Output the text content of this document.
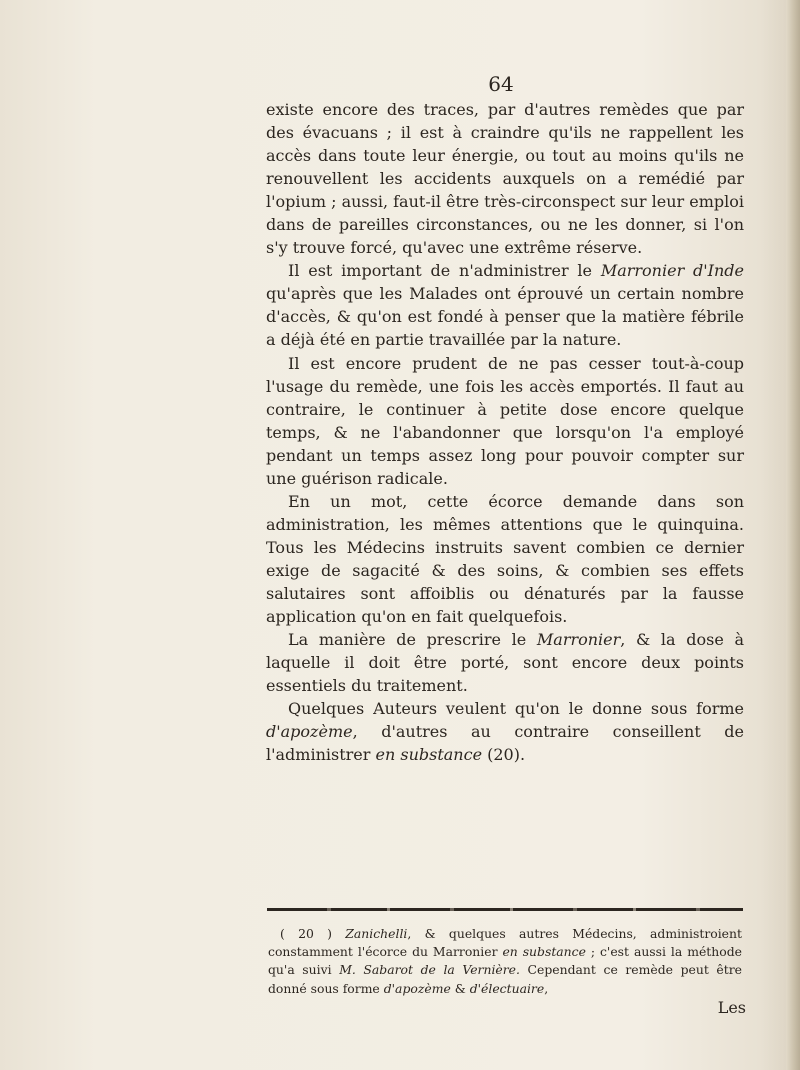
64

existe encore des traces, par d'autres remèdes que par des évacuans ; il est à craindre qu'ils ne rappellent les accès dans toute leur énergie, ou tout au moins qu'ils ne renouvellent les accidents auxquels on a remédié par l'opium ; aussi, faut-il être très-circonspect sur leur emploi dans de pareilles circonstances, ou ne les donner, si l'on s'y trouve forcé, qu'avec une extrême réserve.

Il est important de n'administrer le Marronier d'Inde qu'après que les Malades ont éprouvé un certain nombre d'accès, & qu'on est fondé à penser que la matière fébrile a déjà été en partie travaillée par la nature.

Il est encore prudent de ne pas cesser tout-à-coup l'usage du remède, une fois les accès emportés. Il faut au contraire, le continuer à petite dose encore quelque temps, & ne l'abandonner que lorsqu'on l'a employé pendant un temps assez long pour pouvoir compter sur une guérison radicale.

En un mot, cette écorce demande dans son administration, les mêmes attentions que le quinquina. Tous les Médecins instruits savent combien ce dernier exige de sagacité & des soins, & combien ses effets salutaires sont affoiblis ou dénaturés par la fausse application qu'on en fait quelquefois.

La manière de prescrire le Marronier, & la dose à laquelle il doit être porté, sont encore deux points essentiels du traitement.

Quelques Auteurs veulent qu'on le donne sous forme d'apozème, d'autres au contraire conseillent de l'administrer en substance (20).

( 20 ) Zanichelli, & quelques autres Médecins, administroient constamment l'écorce du Marronier en substance ; c'est aussi la méthode qu'a suivi M. Sabarot de la Vernière. Cependant ce remède peut être donné sous forme d'apozème & d'électuaire,

Les
